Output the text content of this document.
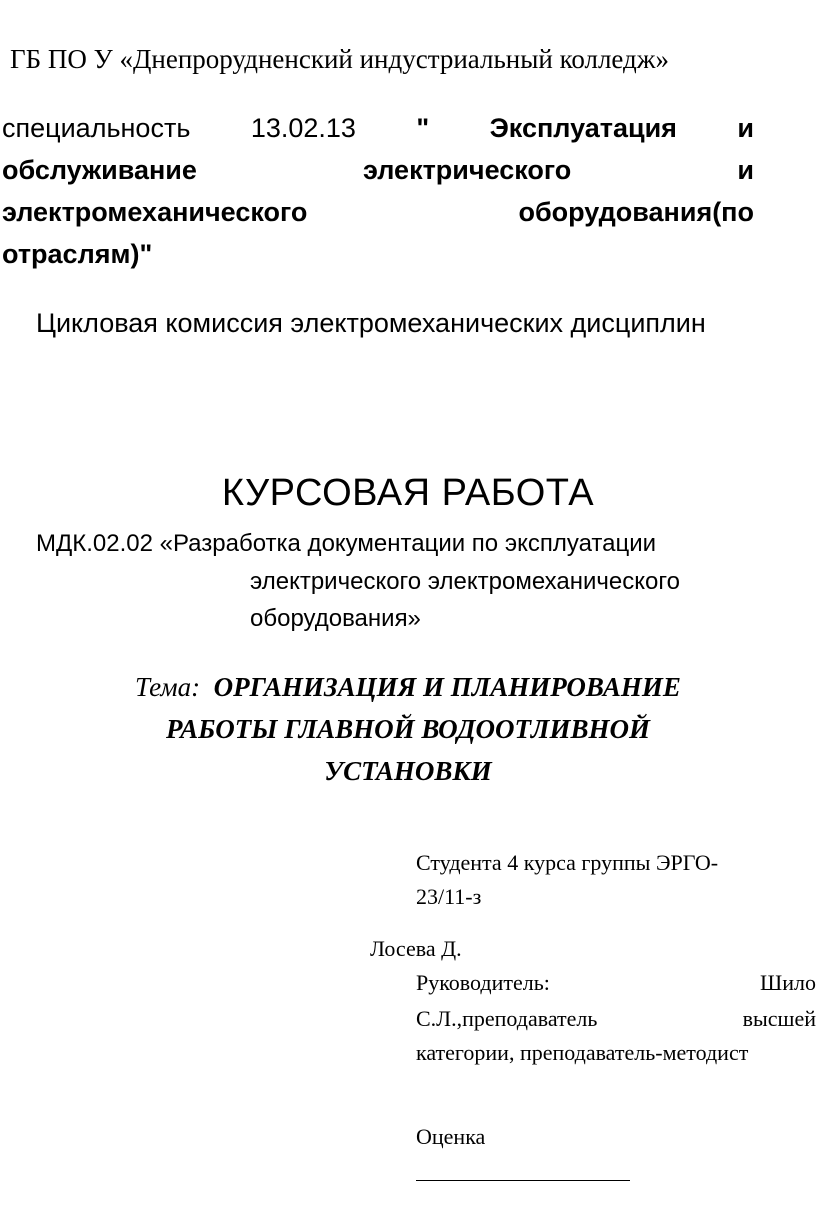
ГБ ПО У «Днепрорудненский индустриальный колледж»
специальность 13.02.13 " Эксплуатация и
обслуживание	электрического	и
электромеханического	оборудования(по
отраслям)"
Цикловая комиссия электромеханических дисциплин
КУРСОВАЯ РАБОТА
МДК.02.02 «Разработка документации по эксплуатации
электрического электромеханического
оборудования»
Тема: ОРГАНИЗАЦИЯ И ПЛАНИРОВАНИЕ
РАБОТЫ ГЛАВНОЙ ВОДООТЛИВНОЙ
УСТАНОВКИ
Студента 4 курса группы ЭРГО-
23/11-з
Лосева Д.
Руководитель:	Шило
С.Л.,преподаватель	высшей
категории, преподаватель-методист
Оценка
